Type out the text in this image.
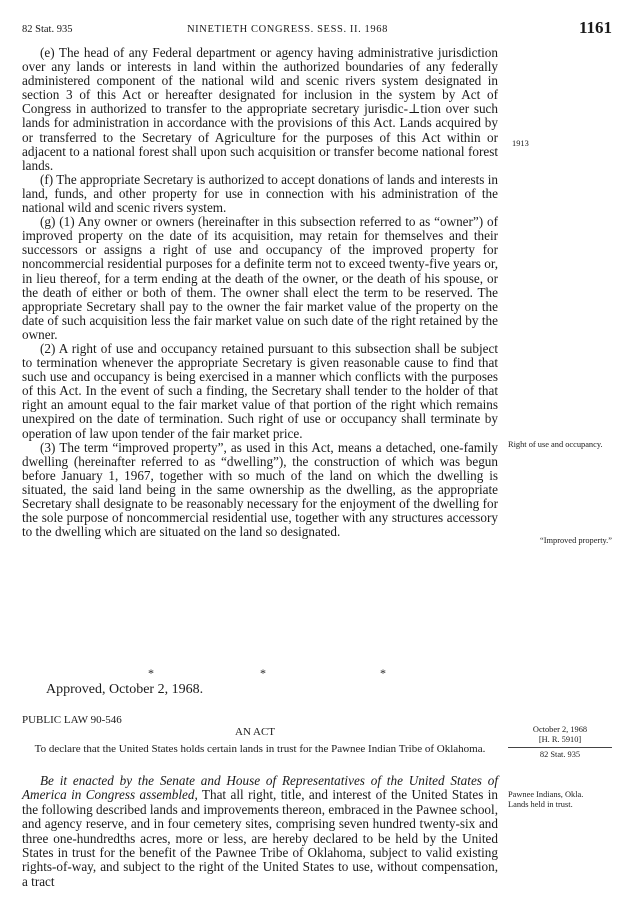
82 Stat. 935	NINETIETH CONGRESS. SESS. II. 1968	1161

(e) The head of any Federal department or agency having administrative jurisdiction over any lands or interests in land within the authorized boundaries of any federally administered component of the national wild and scenic rivers system designated in section 3 of this Act or hereafter designated for inclusion in the system by Act of Congress in authorized to transfer to the appropriate secretary jurisdic-⊥tion over such lands for administration in accordance with the provisions of this Act. Lands acquired by or transferred to the Secretary of Agriculture for the purposes of this Act within or adjacent to a national forest shall upon such acquisition or transfer become national forest lands.

(f) The appropriate Secretary is authorized to accept donations of lands and interests in land, funds, and other property for use in connection with his administration of the national wild and scenic rivers system.

(g) (1) Any owner or owners (hereinafter in this subsection referred to as “owner”) of improved property on the date of its acquisition, may retain for themselves and their successors or assigns a right of use and occupancy of the improved property for noncommercial residential purposes for a definite term not to exceed twenty-five years or, in lieu thereof, for a term ending at the death of the owner, or the death of his spouse, or the death of either or both of them. The owner shall elect the term to be reserved. The appropriate Secretary shall pay to the owner the fair market value of the property on the date of such acquisition less the fair market value on such date of the right retained by the owner.

(2) A right of use and occupancy retained pursuant to this subsection shall be subject to termination whenever the appropriate Secretary is given reasonable cause to find that such use and occupancy is being exercised in a manner which conflicts with the purposes of this Act. In the event of such a finding, the Secretary shall tender to the holder of that right an amount equal to the fair market value of that portion of the right which remains unexpired on the date of termination. Such right of use or occupancy shall terminate by operation of law upon tender of the fair market price.

(3) The term “improved property”, as used in this Act, means a detached, one-family dwelling (hereinafter referred to as “dwelling”), the construction of which was begun before January 1, 1967, together with so much of the land on which the dwelling is situated, the said land being in the same ownership as the dwelling, as the appropriate Secretary shall designate to be reasonably necessary for the enjoyment of the dwelling for the sole purpose of noncommercial residential use, together with any structures accessory to the dwelling which are situated on the land so designated.

1913
Right of use and occupancy.
“Improved property.”
October 2, 1968
[H. R. 5910]
82 Stat. 935
Pawnee Indians, Okla.
Lands held in trust.
*	*	*
Approved, October 2, 1968.
PUBLIC LAW 90-546
AN ACT
To declare that the United States holds certain lands in trust for the Pawnee Indian Tribe of Oklahoma.

Be it enacted by the Senate and House of Representatives of the United States of America in Congress assembled, That all right, title, and interest of the United States in the following described lands and improvements thereon, embraced in the Pawnee school, and agency reserve, and in four cemetery sites, comprising seven hundred twenty-six and three one-hundredths acres, more or less, are hereby declared to be held by the United States in trust for the benefit of the Pawnee Tribe of Oklahoma, subject to valid existing rights-of-way, and subject to the right of the United States to use, without compensation, a tract
